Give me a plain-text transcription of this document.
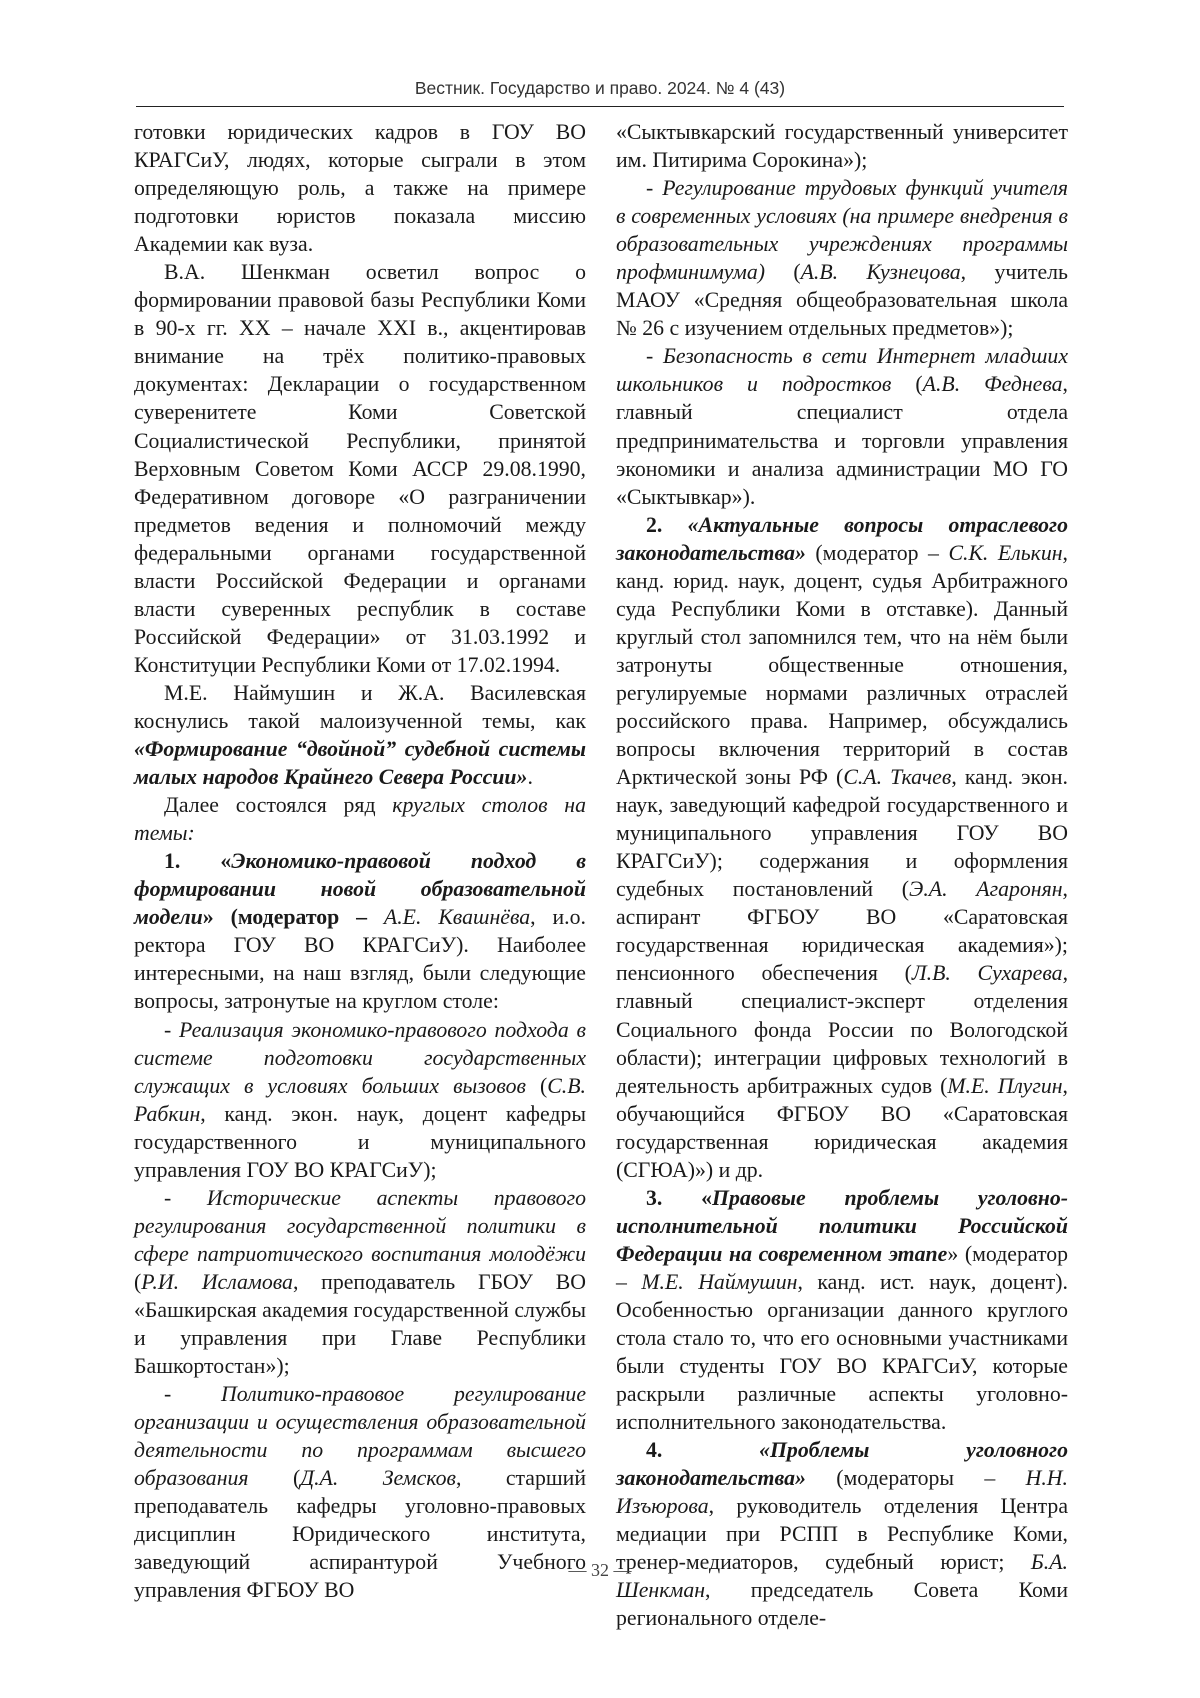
Вестник. Государство и право. 2024. № 4 (43)

готовки юридических кадров в ГОУ ВО КРАГСиУ, людях, которые сыграли в этом определяющую роль, а также на примере подготовки юристов показала миссию Академии как вуза.

В.А. Шенкман осветил вопрос о формировании правовой базы Республики Коми в 90-х гг. XX – начале XXI в., акцентировав внимание на трёх политико-правовых документах: Декларации о государственном суверенитете Коми Советской Социалистической Республики, принятой Верховным Советом Коми АССР 29.08.1990, Федеративном договоре «О разграничении предметов ведения и полномочий между федеральными органами государственной власти Российской Федерации и органами власти суверенных республик в составе Российской Федерации» от 31.03.1992 и Конституции Республики Коми от 17.02.1994.

М.Е. Наймушин и Ж.А. Василевская коснулись такой малоизученной темы, как «Формирование “двойной” судебной системы малых народов Крайнего Севера России».

Далее состоялся ряд круглых столов на темы:

1. «Экономико-правовой подход в формировании новой образовательной модели» (модератор – А.Е. Квашнёва, и.о. ректора ГОУ ВО КРАГСиУ). Наиболее интересными, на наш взгляд, были следующие вопросы, затронутые на круглом столе:

- Реализация экономико-правового подхода в системе подготовки государственных служащих в условиях больших вызовов (С.В. Рабкин, канд. экон. наук, доцент кафедры государственного и муниципального управления ГОУ ВО КРАГСиУ);

- Исторические аспекты правового регулирования государственной политики в сфере патриотического воспитания молодёжи (Р.И. Исламова, преподаватель ГБОУ ВО «Башкирская академия государственной службы и управления при Главе Республики Башкортостан»);

- Политико-правовое регулирование организации и осуществления образовательной деятельности по программам высшего образования (Д.А. Земсков, старший преподаватель кафедры уголовно-правовых дисциплин Юридического института, заведующий аспирантурой Учебного управления ФГБОУ ВО

«Сыктывкарский государственный университет им. Питирима Сорокина»);

- Регулирование трудовых функций учителя в современных условиях (на примере внедрения в образовательных учреждениях программы профминимума) (А.В. Кузнецова, учитель МАОУ «Средняя общеобразовательная школа № 26 с изучением отдельных предметов»);

- Безопасность в сети Интернет младших школьников и подростков (А.В. Феднева, главный специалист отдела предпринимательства и торговли управления экономики и анализа администрации МО ГО «Сыктывкар»).

2. «Актуальные вопросы отраслевого законодательства» (модератор – С.К. Елькин, канд. юрид. наук, доцент, судья Арбитражного суда Республики Коми в отставке). Данный круглый стол запомнился тем, что на нём были затронуты общественные отношения, регулируемые нормами различных отраслей российского права. Например, обсуждались вопросы включения территорий в состав Арктической зоны РФ (С.А. Ткачев, канд. экон. наук, заведующий кафедрой государственного и муниципального управления ГОУ ВО КРАГСиУ); содержания и оформления судебных постановлений (Э.А. Агаронян, аспирант ФГБОУ ВО «Саратовская государственная юридическая академия»); пенсионного обеспечения (Л.В. Сухарева, главный специалист-эксперт отделения Социального фонда России по Вологодской области); интеграции цифровых технологий в деятельность арбитражных судов (М.Е. Плугин, обучающийся ФГБОУ ВО «Саратовская государственная юридическая академия (СГЮА)») и др.

3. «Правовые проблемы уголовно-исполнительной политики Российской Федерации на современном этапе» (модератор – М.Е. Наймушин, канд. ист. наук, доцент). Особенностью организации данного круглого стола стало то, что его основными участниками были студенты ГОУ ВО КРАГСиУ, которые раскрыли различные аспекты уголовно-исполнительного законодательства.

4. «Проблемы уголовного законодательства» (модераторы – Н.Н. Изъюрова, руководитель отделения Центра медиации при РСПП в Республике Коми, тренер-медиаторов, судебный юрист; Б.А. Шенкман, председатель Совета Коми регионального отделе-

— 32 —
